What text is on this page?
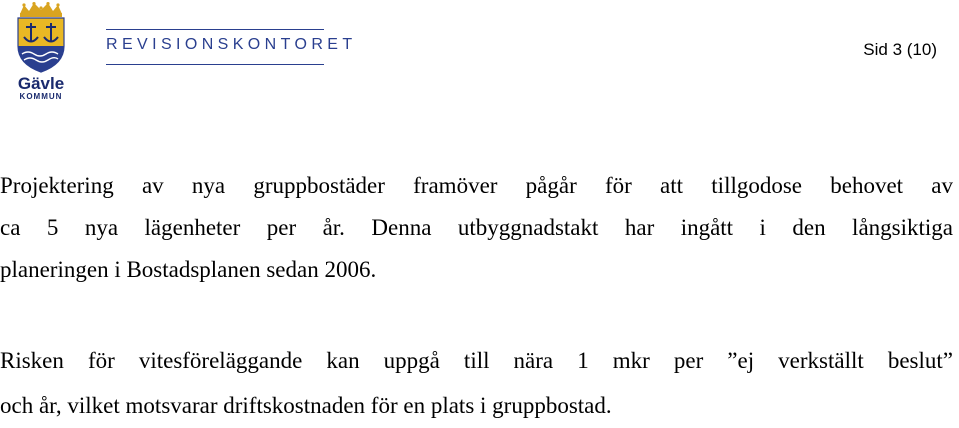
Gävle
KOMMUN
REVISIONSKONTORET	Sid 3 (10)
Projektering av nya gruppbostäder framöver pågår för att tillgodose behovet av
ca 5 nya lägenheter per år. Denna utbyggnadstakt har ingått i den långsiktiga
planeringen i Bostadsplanen sedan 2006.
Risken för vitesföreläggande kan uppgå till nära 1 mkr per ”ej verkställt beslut”
och år, vilket motsvarar driftskostnaden för en plats i gruppbostad.
